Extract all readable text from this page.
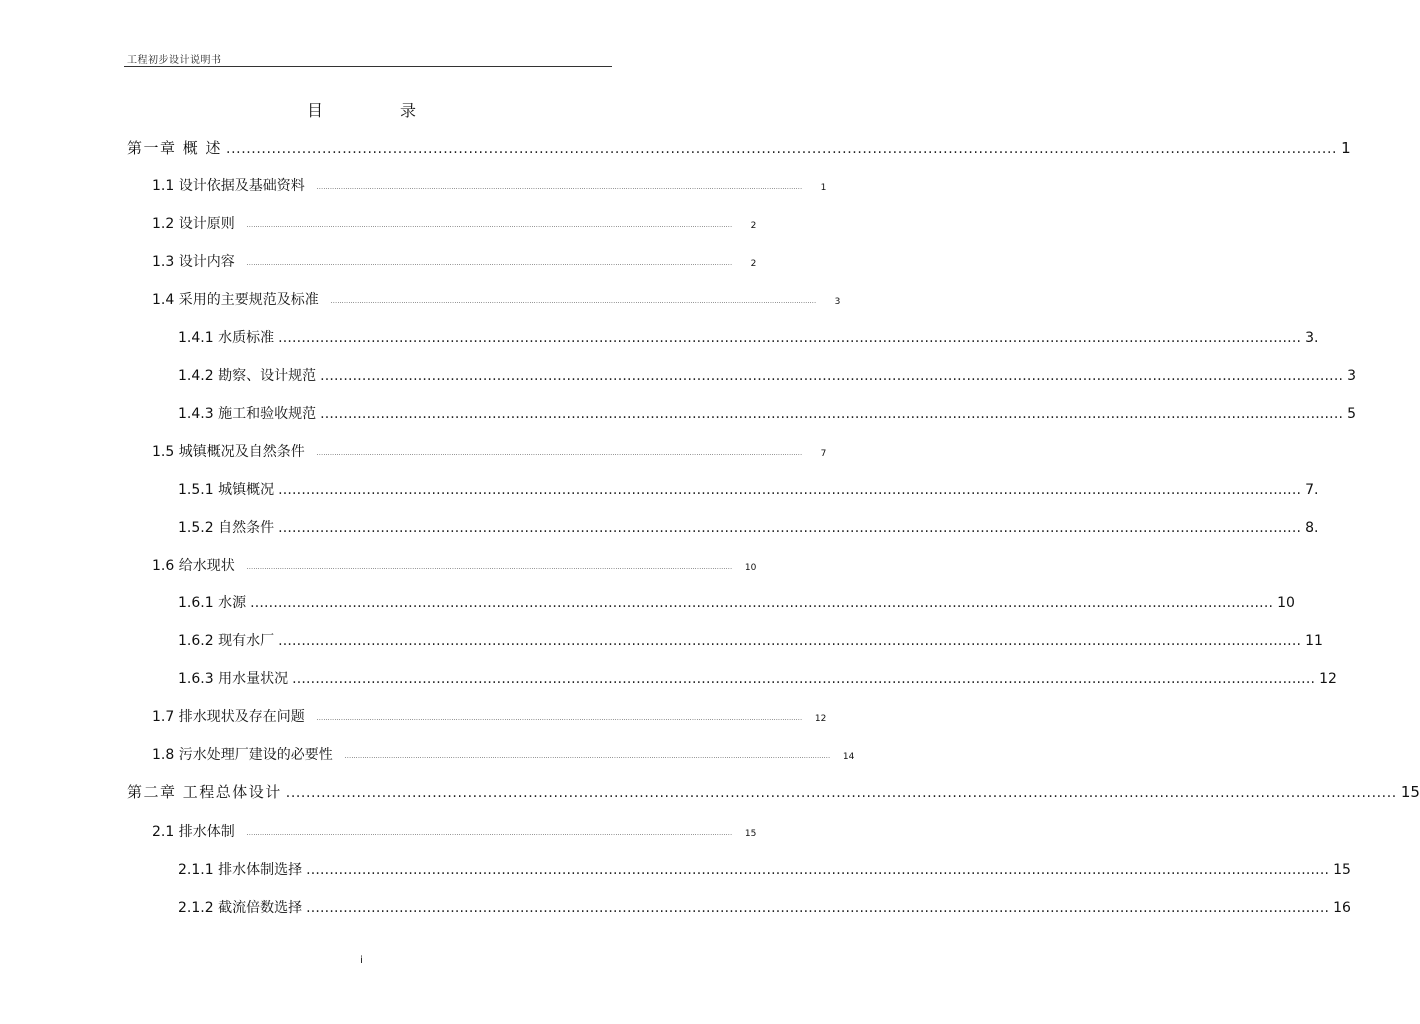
工程初步设计说明书
目 录
第一章 概 述 ............................................................................................................................................................................................................................ 1
1.1 设计依据及基础资料 ............................................................................................................................................................................................................................	1
1.2 设计原则 ............................................................................................................................................................................................................................	2
1.3 设计内容 ............................................................................................................................................................................................................................	2
1.4 采用的主要规范及标准 ............................................................................................................................................................................................................................	3
1.4.1 水质标准 ............................................................................................................................................................................................................................ 3.
1.4.2 勘察、设计规范 ............................................................................................................................................................................................................................ 3
1.4.3 施工和验收规范 ............................................................................................................................................................................................................................ 5
1.5 城镇概况及自然条件 ............................................................................................................................................................................................................................	7
1.5.1 城镇概况 ............................................................................................................................................................................................................................ 7.
1.5.2 自然条件 ............................................................................................................................................................................................................................ 8.
1.6 给水现状 ............................................................................................................................................................................................................................	10
1.6.1 水源 ............................................................................................................................................................................................................................ 10
1.6.2 现有水厂 ............................................................................................................................................................................................................................ 11
1.6.3 用水量状况 ............................................................................................................................................................................................................................ 12
1.7 排水现状及存在问题 ............................................................................................................................................................................................................................	12
1.8 污水处理厂建设的必要性 ............................................................................................................................................................................................................................	14
第二章 工程总体设计 ............................................................................................................................................................................................................................ 15
2.1 排水体制 ............................................................................................................................................................................................................................	15
2.1.1 排水体制选择 ............................................................................................................................................................................................................................ 15
2.1.2 截流倍数选择 ............................................................................................................................................................................................................................ 16
i
